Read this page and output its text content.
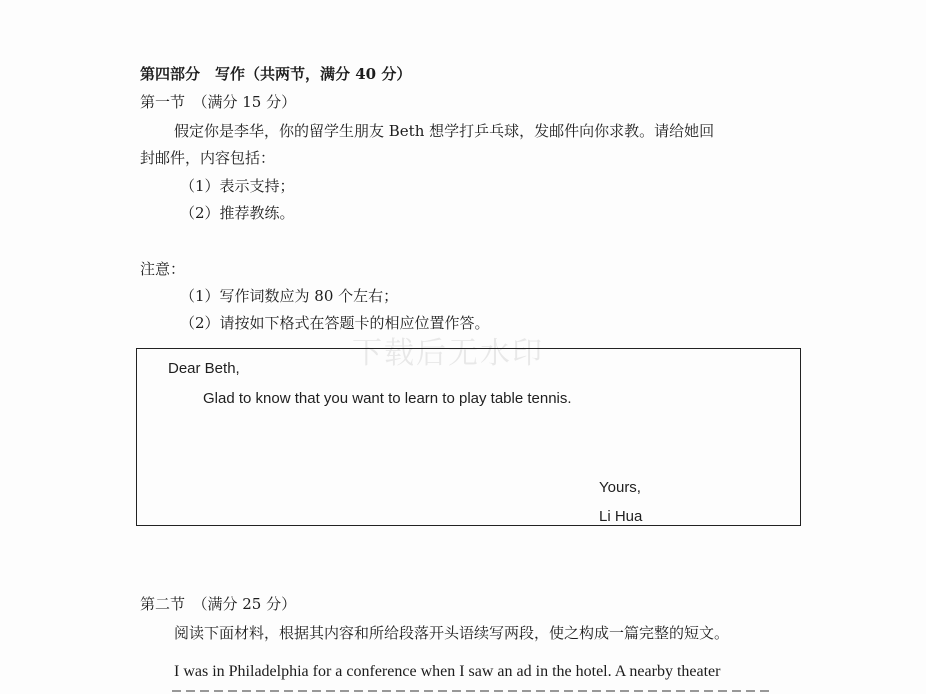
第四部分　写作（共两节，满分 40 分）
第一节　（满分 15 分）
假定你是李华，你的留学生朋友 Beth 想学打乒乓球，发邮件向你求教。请给她回
封邮件，内容包括：
（1）表示支持；
（2）推荐教练。
注意：
（1）写作词数应为 80 个左右；
（2）请按如下格式在答题卡的相应位置作答。
下载后无水印
Dear Beth,
Glad to know that you want to learn to play table tennis.
Yours,
Li Hua
第二节　（满分 25 分）
阅读下面材料，根据其内容和所给段落开头语续写两段，使之构成一篇完整的短文。
I was in Philadelphia for a conference when I saw an ad in the hotel. A nearby theater
